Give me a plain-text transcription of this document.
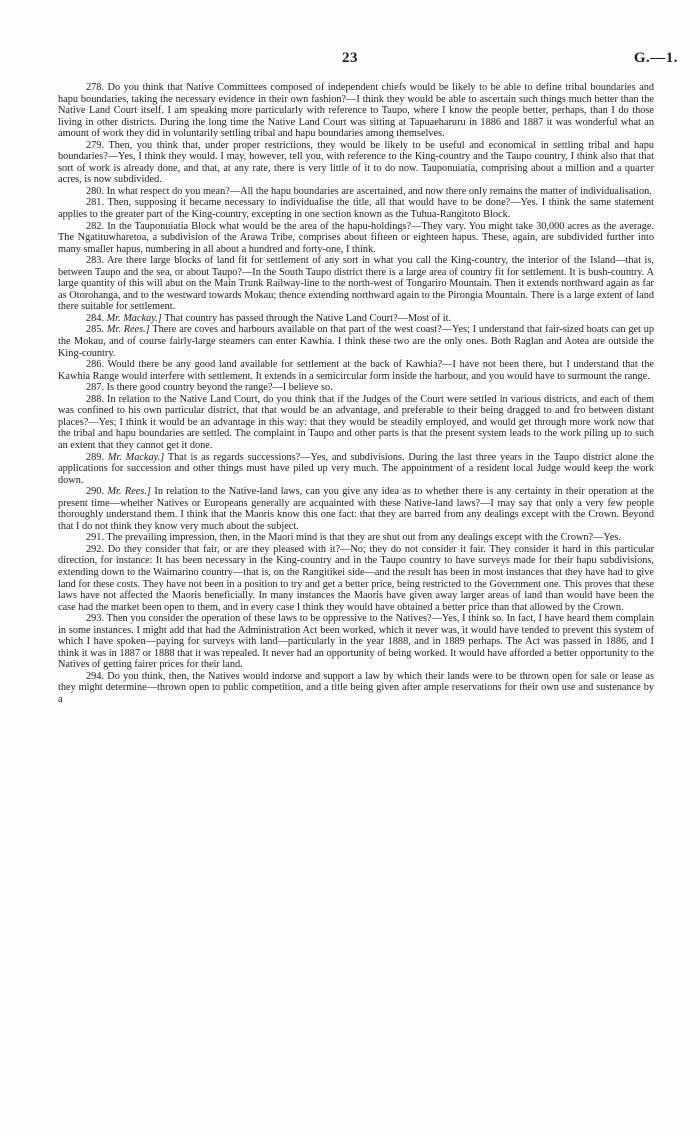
23	G.—1.

278. Do you think that Native Committees composed of independent chiefs would be likely to be able to define tribal boundaries and hapu boundaries, taking the necessary evidence in their own fashion?—I think they would be able to ascertain such things much better than the Native Land Court itself. I am speaking more particularly with reference to Taupo, where I know the people better, perhaps, than I do those living in other districts. During the long time the Native Land Court was sitting at Tapuaeharuru in 1886 and 1887 it was wonderful what an amount of work they did in voluntarily settling tribal and hapu boundaries among themselves.

279. Then, you think that, under proper restrictions, they would be likely to be useful and economical in settling tribal and hapu boundaries?—Yes, I think they would. I may, however, tell you, with reference to the King-country and the Taupo country, I think also that that sort of work is already done, and that, at any rate, there is very little of it to do now. Tauponuiatia, comprising about a million and a quarter acres, is now subdivided.

280. In what respect do you mean?—All the hapu boundaries are ascertained, and now there only remains the matter of individualisation.

281. Then, supposing it became necessary to individualise the title, all that would have to be done?—Yes. I think the same statement applies to the greater part of the King-country, excepting in one section known as the Tuhua-Rangitoto Block.

282. In the Tauponuiatia Block what would be the area of the hapu-holdings?—They vary. You might take 30,000 acres as the average. The Ngatituwharetoa, a subdivision of the Arawa Tribe, comprises about fifteen or eighteen hapus. These, again, are subdivided further into many smaller hapus, numbering in all about a hundred and forty-one, I think.

283. Are there large blocks of land fit for settlement of any sort in what you call the King-country, the interior of the Island—that is, between Taupo and the sea, or about Taupo?—In the South Taupo district there is a large area of country fit for settlement. It is bush-country. A large quantity of this will abut on the Main Trunk Railway-line to the north-west of Tongariro Mountain. Then it extends northward again as far as Otorohanga, and to the westward towards Mokau; thence extending northward again to the Pirongia Mountain. There is a large extent of land there suitable for settlement.

284. Mr. Mackay.] That country has passed through the Native Land Court?—Most of it.

285. Mr. Rees.] There are coves and harbours available on that part of the west coast?—Yes; I understand that fair-sized boats can get up the Mokau, and of course fairly-large steamers can enter Kawhia. I think these two are the only ones. Both Raglan and Aotea are outside the King-country.

286. Would there be any good land available for settlement at the back of Kawhia?—I have not been there, but I understand that the Kawhia Range would interfere with settlement. It extends in a semicircular form inside the harbour, and you would have to surmount the range.

287. Is there good country beyond the range?—I believe so.

288. In relation to the Native Land Court, do you think that if the Judges of the Court were settled in various districts, and each of them was confined to his own particular district, that that would be an advantage, and preferable to their being dragged to and fro between distant places?—Yes; I think it would be an advantage in this way: that they would be steadily employed, and would get through more work now that the tribal and hapu boundaries are settled. The complaint in Taupo and other parts is that the present system leads to the work piling up to such an extent that they cannot get it done.

289. Mr. Mackay.] That is as regards successions?—Yes, and subdivisions. During the last three years in the Taupo district alone the applications for succession and other things must have piled up very much. The appointment of a resident local Judge would keep the work down.

290. Mr. Rees.] In relation to the Native-land laws, can you give any idea as to whether there is any certainty in their operation at the present time—whether Natives or Europeans generally are acquainted with these Native-land laws?—I may say that only a very few people thoroughly understand them. I think that the Maoris know this one fact: that they are barred from any dealings except with the Crown. Beyond that I do not think they know very much about the subject.

291. The prevailing impression, then, in the Maori mind is that they are shut out from any dealings except with the Crown?—Yes.

292. Do they consider that fair, or are they pleased with it?—No; they do not consider it fair. They consider it hard in this particular direction, for instance: It has been necessary in the King-country and in the Taupo country to have surveys made for their hapu subdivisions, extending down to the Waimarino country—that is, on the Rangitikei side—and the result has been in most instances that they have had to give land for these costs. They have not been in a position to try and get a better price, being restricted to the Government one. This proves that these laws have not affected the Maoris beneficially. In many instances the Maoris have given away larger areas of land than would have been the case had the market been open to them, and in every case I think they would have obtained a better price than that allowed by the Crown.

293. Then you consider the operation of these laws to be oppressive to the Natives?—Yes, I think so. In fact, I have heard them complain in some instances. I might add that had the Administration Act been worked, which it never was, it would have tended to prevent this system of which I have spoken—paying for surveys with land—particularly in the year 1888, and in 1889 perhaps. The Act was passed in 1886, and I think it was in 1887 or 1888 that it was repealed. It never had an opportunity of being worked. It would have afforded a better opportunity to the Natives of getting fairer prices for their land.

294. Do you think, then, the Natives would indorse and support a law by which their lands were to be thrown open for sale or lease as they might determine—thrown open to public competition, and a title being given after ample reservations for their own use and sustenance by a
